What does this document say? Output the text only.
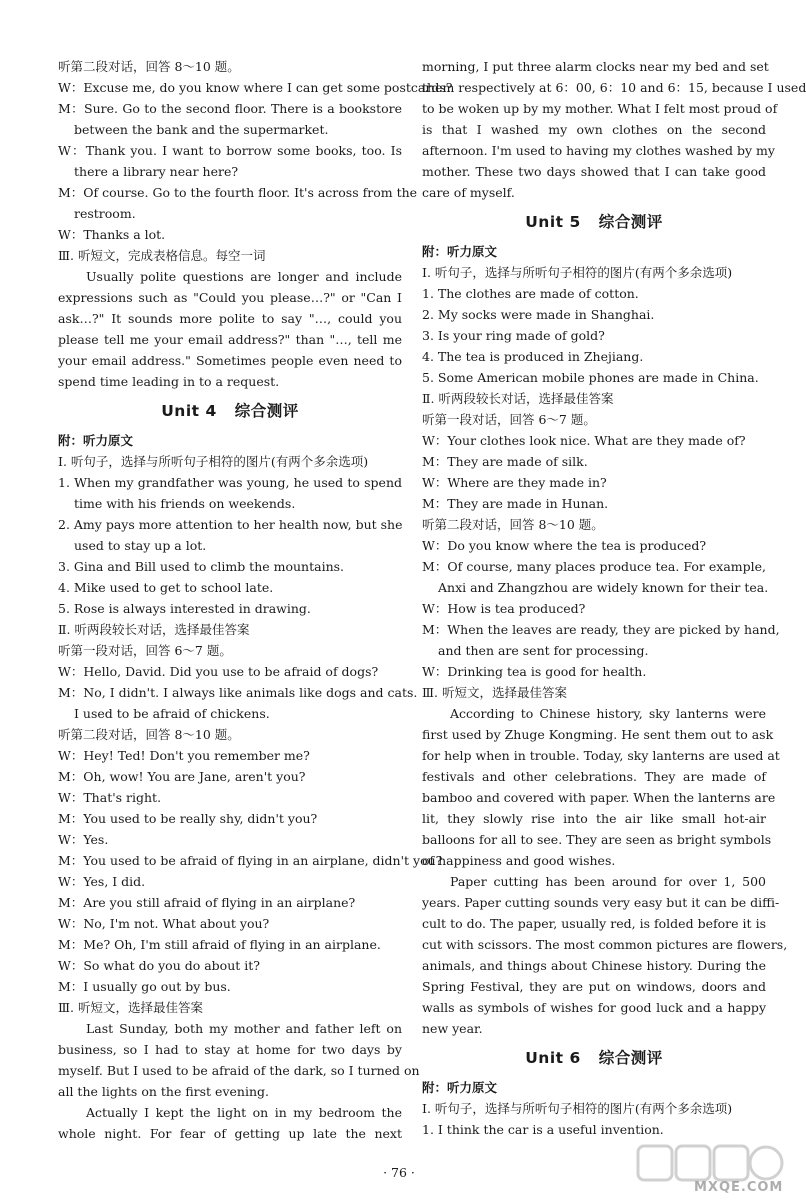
听第二段对话，回答 8～10 题。
W：Excuse me, do you know where I can get some postcards?
M：Sure. Go to the second floor. There is a bookstore
between the bank and the supermarket.
W：Thank you. I want to borrow some books, too. Is
there a library near here?
M：Of course. Go to the fourth floor. It's across from the
restroom.
W：Thanks a lot.
Ⅲ. 听短文，完成表格信息。每空一词
Usually polite questions are longer and include
expressions such as "Could you please…?" or "Can I
ask…?" It sounds more polite to say "…, could you
please tell me your email address?" than "…, tell me
your email address." Sometimes people even need to
spend time leading in to a request.
Unit 4 综合测评
附：听力原文
Ⅰ. 听句子，选择与所听句子相符的图片(有两个多余选项)
1. When my grandfather was young, he used to spend
time with his friends on weekends.
2. Amy pays more attention to her health now, but she
used to stay up a lot.
3. Gina and Bill used to climb the mountains.
4. Mike used to get to school late.
5. Rose is always interested in drawing.
Ⅱ. 听两段较长对话，选择最佳答案
听第一段对话，回答 6～7 题。
W：Hello, David. Did you use to be afraid of dogs?
M：No, I didn't. I always like animals like dogs and cats.
I used to be afraid of chickens.
听第二段对话，回答 8～10 题。
W：Hey! Ted! Don't you remember me?
M：Oh, wow! You are Jane, aren't you?
W：That's right.
M：You used to be really shy, didn't you?
W：Yes.
M：You used to be afraid of flying in an airplane, didn't you?
W：Yes, I did.
M：Are you still afraid of flying in an airplane?
W：No, I'm not. What about you?
M：Me? Oh, I'm still afraid of flying in an airplane.
W：So what do you do about it?
M：I usually go out by bus.
Ⅲ. 听短文，选择最佳答案
Last Sunday, both my mother and father left on
business, so I had to stay at home for two days by
myself. But I used to be afraid of the dark, so I turned on
all the lights on the first evening.
Actually I kept the light on in my bedroom the
whole night. For fear of getting up late the next
morning, I put three alarm clocks near my bed and set
them respectively at 6：00, 6：10 and 6：15, because I used
to be woken up by my mother. What I felt most proud of
is that I washed my own clothes on the second
afternoon. I'm used to having my clothes washed by my
mother. These two days showed that I can take good
care of myself.
Unit 5 综合测评
附：听力原文
Ⅰ. 听句子，选择与所听句子相符的图片(有两个多余选项)
1. The clothes are made of cotton.
2. My socks were made in Shanghai.
3. Is your ring made of gold?
4. The tea is produced in Zhejiang.
5. Some American mobile phones are made in China.
Ⅱ. 听两段较长对话，选择最佳答案
听第一段对话，回答 6～7 题。
W：Your clothes look nice. What are they made of?
M：They are made of silk.
W：Where are they made in?
M：They are made in Hunan.
听第二段对话，回答 8～10 题。
W：Do you know where the tea is produced?
M：Of course, many places produce tea. For example,
Anxi and Zhangzhou are widely known for their tea.
W：How is tea produced?
M：When the leaves are ready, they are picked by hand,
and then are sent for processing.
W：Drinking tea is good for health.
Ⅲ. 听短文，选择最佳答案
According to Chinese history, sky lanterns were
first used by Zhuge Kongming. He sent them out to ask
for help when in trouble. Today, sky lanterns are used at
festivals and other celebrations. They are made of
bamboo and covered with paper. When the lanterns are
lit, they slowly rise into the air like small hot-air
balloons for all to see. They are seen as bright symbols
of happiness and good wishes.
Paper cutting has been around for over 1, 500
years. Paper cutting sounds very easy but it can be diffi-
cult to do. The paper, usually red, is folded before it is
cut with scissors. The most common pictures are flowers,
animals, and things about Chinese history. During the
Spring Festival, they are put on windows, doors and
walls as symbols of wishes for good luck and a happy
new year.
Unit 6 综合测评
附：听力原文
Ⅰ. 听句子，选择与所听句子相符的图片(有两个多余选项)
1. I think the car is a useful invention.
· 76 ·
MXQE.COM
